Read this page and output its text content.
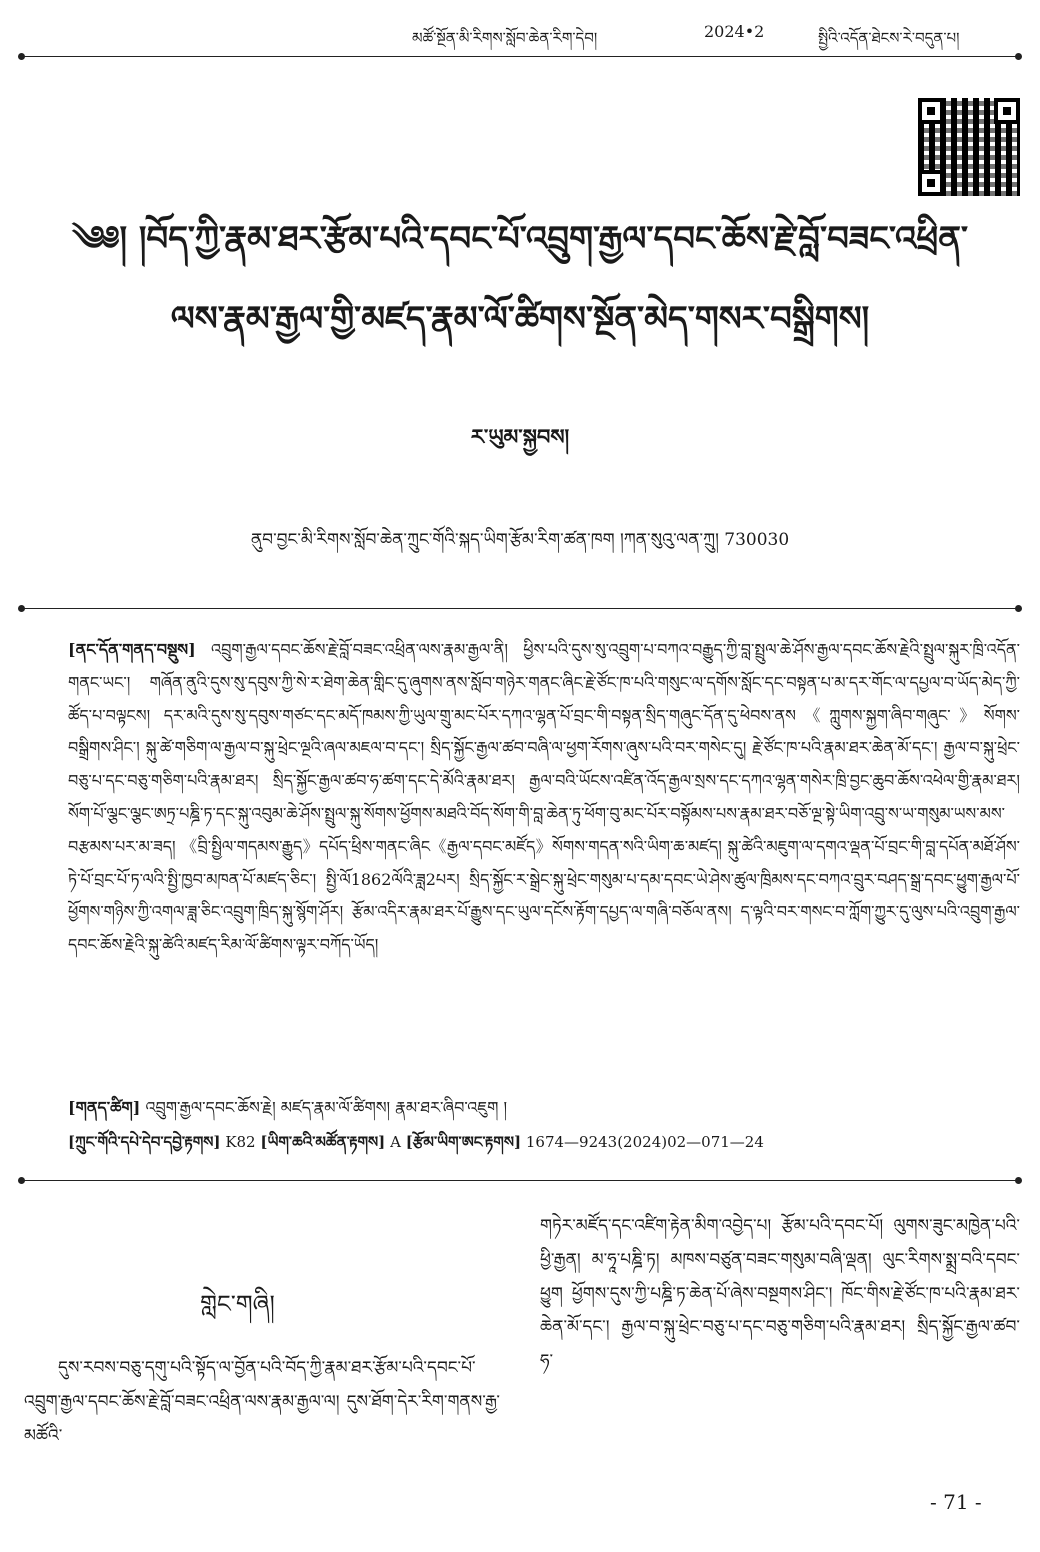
མཚོ་སྔོན་མི་རིགས་སློབ་ཆེན་རིག་དེབ།	2024•2	སྤྱིའི་འདོན་ཐེངས་རེ་བདུན་པ།
༄༅། །བོད་ཀྱི་རྣམ་ཐར་རྩོམ་པའི་དབང་པོ་འབྲུག་རྒྱལ་དབང་ཆོས་རྗེ་བློ་བཟང་འཕྲིན་
ལས་རྣམ་རྒྱལ་གྱི་མཛད་རྣམ་ལོ་ཚིགས་སྔོན་མེད་གསར་བསྒྲིགས།
ར་ཡུམ་སྐྱབས།
ནུབ་བྱང་མི་རིགས་སློབ་ཆེན་ཀྲུང་གོའི་སྐད་ཡིག་རྩོམ་རིག་ཚན་ཁག །ཀན་སུའུ་ལན་ཀྲུ། 730030
[ནང་དོན་གནད་བསྡུས] འབྲུག་རྒྱལ་དབང་ཆོས་རྗེ་བློ་བཟང་འཕྲིན་ལས་རྣམ་རྒྱལ་ནི། ཕྱིས་པའི་དུས་སུ་འབྲུག་པ་བཀའ་བརྒྱུད་ཀྱི་བླ་སྤྲུལ་ཆེ་ཤོས་རྒྱལ་དབང་ཆོས་རྗེའི་སྤྲུལ་སྐུར་ཁྲི་འདོན་གནང་ཡང་། གཞོན་ནུའི་དུས་སུ་དབུས་ཀྱི་སེ་ར་ཐེག་ཆེན་གླིང་དུ་ཞུགས་ནས་སློབ་གཉེར་གནང་ཞིང་རྗེ་ཙོང་ཁ་པའི་གསུང་ལ་དགོས་སློང་དང་བསྟན་པ་མ་དར་གོང་ལ་དཔྱལ་བ་ཡོད་མེད་ཀྱི་ཚོད་པ་བལྟངས། དར་མའི་དུས་སུ་དབུས་གཙང་དང་མདོ་ཁམས་ཀྱི་ཡུལ་གྲུ་མང་པོར་དཀའ་ལྷན་པོ་བྲང་གི་བསྟན་སྲིད་གཞུང་དོན་དུ་ཕེབས་ནས《ཀླུགས་སྐྱག་ཞིབ་གཞུང་》སོགས་བསྒྲིགས་ཤིང་། སྐུ་ཚེ་གཅིག་ལ་རྒྱལ་བ་སྐུ་ཕྲེང་ལྔའི་ཞལ་མཇལ་བ་དང་། སྲིད་སྐྱོང་རྒྱལ་ཚབ་བཞི་ལ་ཕྱག་རོགས་ཞུས་པའི་བར་གསེང་དུ། རྗེ་ཙོང་ཁ་པའི་རྣམ་ཐར་ཆེན་མོ་དང་། རྒྱལ་བ་སྐུ་ཕྲེང་བཅུ་པ་དང་བཅུ་གཅིག་པའི་རྣམ་ཐར། སྲིད་སྐྱོང་རྒྱལ་ཚབ་ཧ་ཚག་དང་དེ་མོའི་རྣམ་ཐར། རྒྱལ་བའི་ཡོངས་འཛིན་འོད་རྒྱལ་སྲས་དང་དཀའ་ལྷན་གསེར་ཁྲི་བྱང་ཆུབ་ཆོས་འཕེལ་གྱི་རྣམ་ཐར། སོག་པོ་ལྕང་ལྕང་ཨཏྲ་པཎྜི་ཏ་དང་སྐུ་འབུམ་ཆེ་ཤོས་སྤྲུལ་སྐུ་སོགས་ཕྱོགས་མཐའི་བོད་སོག་གི་བླ་ཆེན་ཏུ་ཕོག་བུ་མང་པོར་བསྟོམས་པས་རྣམ་ཐར་བཅོ་ལྔ་སྟེ་ཡིག་འབྲུ་ས་ཡ་གསུམ་ཡས་མས་བརྩམས་པར་མ་ཟད། 《བྲི་སྤྱིལ་གདམས་རྒྱུད》དཔོད་ཕྲིས་གནང་ཞིང《རྒྱལ་དབང་མཛོད》སོགས་གདན་སའི་ཡིག་ཆ་མཛད། སྐུ་ཚེའི་མཇུག་ལ་དགའ་ལྡན་པོ་བྲང་གི་བླ་དཔོན་མཐོ་ཤོས་ཏེ་པོ་བྲང་པོ་ཏ་ལའི་སྤྱི་ཁྱབ་མཁན་པོ་མཛད་ཅིང་། སྤྱི་ལོ1862ལོའི་ཟླ2པར། སྲིད་སྐྱོང་ར་སྒྲེང་སྐུ་ཕྲེང་གསུམ་པ་དམ་དབང་ཡེ་ཤེས་ཚུལ་ཁྲིམས་དང་བཀའ་བྲུར་བཤད་སྒྲ་དབང་ཕྱུག་རྒྱལ་པོ་ཕྱོགས་གཉིས་ཀྱི་འགལ་ཟླ་ཅིང་འབྲུག་ཁྲིད་སྐུ་སྙོག་ཤོར། རྩོམ་འདིར་རྣམ་ཐར་པོ་རྒྱུས་དང་ཡུལ་དངོས་རྟོག་དཔྱད་ལ་གཞི་བཅོལ་ནས། ད་ལྟའི་བར་གསང་བ་ཀློག་ཀྱུར་དུ་ལུས་པའི་འབྲུག་རྒྱལ་དབང་ཆོས་རྗེའི་སྐུ་ཚེའི་མཛད་རིམ་ལོ་ཚིགས་ལྟར་བཀོད་ཡོད།
[གནད་ཚིག] འབྲུག་རྒྱལ་དབང་ཆོས་རྗེ། མཛད་རྣམ་ལོ་ཚིགས། རྣམ་ཐར་ཞིབ་འཇུག །
[ཀྲུང་གོའི་དཔེ་དེབ་དབྱེ་རྟགས] K82 [ཡིག་ཆའི་མཚོན་རྟགས] A [རྩོམ་ཡིག་ཨང་རྟགས] 1674—9243(2024)02—071—24
གླེང་གཞི།
དུས་རབས་བཅུ་དགུ་པའི་སྟོད་ལ་བྱོན་པའི་བོད་ཀྱི་རྣམ་ཐར་རྩོམ་པའི་དབང་པོ་འབྲུག་རྒྱལ་དབང་ཆོས་རྗེ་བློ་བཟང་འཕྲིན་ལས་རྣམ་རྒྱལ་ལ། དུས་ཐོག་དེར་རིག་གནས་རྒྱ་མཚོའི་
གཏེར་མཛོད་དང་འཛིག་རྟེན་མིག་འབྱེད་པ། རྩོམ་པའི་དབང་པོ། ལུགས་ཟུང་མཁྱེན་པའི་ཕྱི་རྒྱན། མ་ཧཱ་པཎྜི་ཏ། མཁས་བཙུན་བཟང་གསུམ་བཞི་ལྡན། ལུང་རིགས་སྨྲ་བའི་དབང་ཕྱུག ཕྱོགས་དུས་ཀྱི་པཎྜི་ཏ་ཆེན་པོ་ཞེས་བསྔགས་ཤིང་། ཁོང་གིས་རྗེ་ཙོང་ཁ་པའི་རྣམ་ཐར་ཆེན་མོ་དང་། རྒྱལ་བ་སྐུ་ཕྲེང་བཅུ་པ་དང་བཅུ་གཅིག་པའི་རྣམ་ཐར། སྲིད་སྐྱོང་རྒྱལ་ཚབ་ཧ་
- 71 -
